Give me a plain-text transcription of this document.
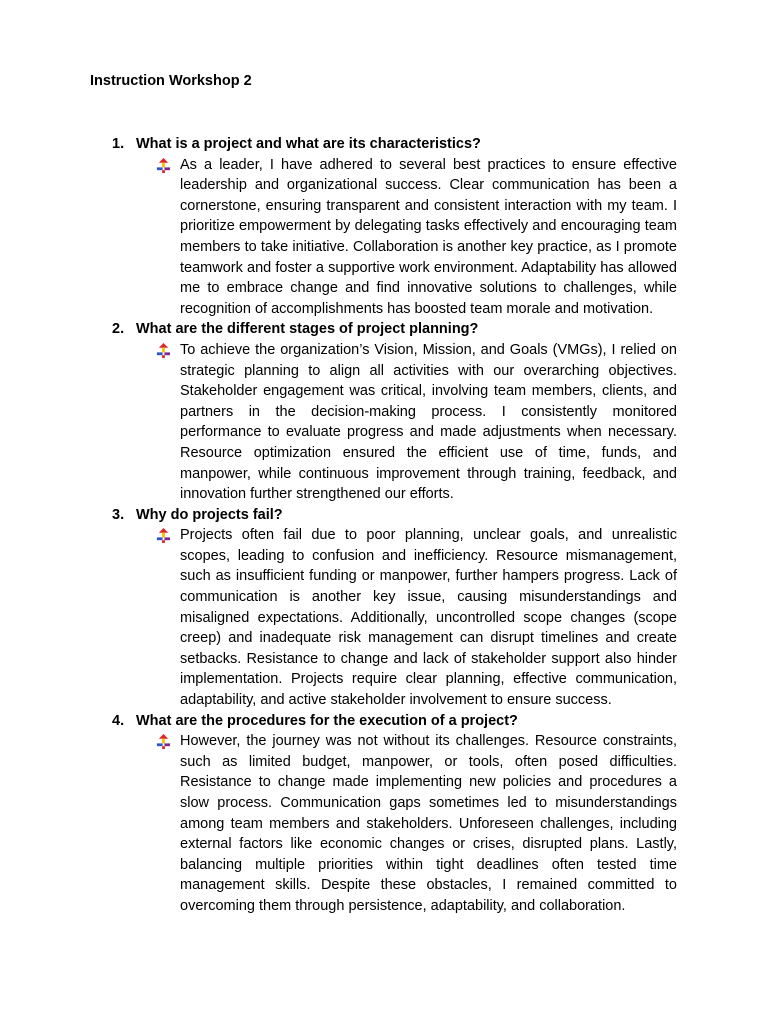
Instruction Workshop 2
1. What is a project and what are its characteristics?

As a leader, I have adhered to several best practices to ensure effective leadership and organizational success. Clear communication has been a cornerstone, ensuring transparent and consistent interaction with my team. I prioritize empowerment by delegating tasks effectively and encouraging team members to take initiative. Collaboration is another key practice, as I promote teamwork and foster a supportive work environment. Adaptability has allowed me to embrace change and find innovative solutions to challenges, while recognition of accomplishments has boosted team morale and motivation.

2. What are the different stages of project planning?

To achieve the organization’s Vision, Mission, and Goals (VMGs), I relied on strategic planning to align all activities with our overarching objectives. Stakeholder engagement was critical, involving team members, clients, and partners in the decision-making process. I consistently monitored performance to evaluate progress and made adjustments when necessary. Resource optimization ensured the efficient use of time, funds, and manpower, while continuous improvement through training, feedback, and innovation further strengthened our efforts.

3. Why do projects fail?

Projects often fail due to poor planning, unclear goals, and unrealistic scopes, leading to confusion and inefficiency. Resource mismanagement, such as insufficient funding or manpower, further hampers progress. Lack of communication is another key issue, causing misunderstandings and misaligned expectations. Additionally, uncontrolled scope changes (scope creep) and inadequate risk management can disrupt timelines and create setbacks. Resistance to change and lack of stakeholder support also hinder implementation. Projects require clear planning, effective communication, adaptability, and active stakeholder involvement to ensure success.

4. What are the procedures for the execution of a project?

However, the journey was not without its challenges. Resource constraints, such as limited budget, manpower, or tools, often posed difficulties. Resistance to change made implementing new policies and procedures a slow process. Communication gaps sometimes led to misunderstandings among team members and stakeholders. Unforeseen challenges, including external factors like economic changes or crises, disrupted plans. Lastly, balancing multiple priorities within tight deadlines often tested time management skills. Despite these obstacles, I remained committed to overcoming them through persistence, adaptability, and collaboration.
